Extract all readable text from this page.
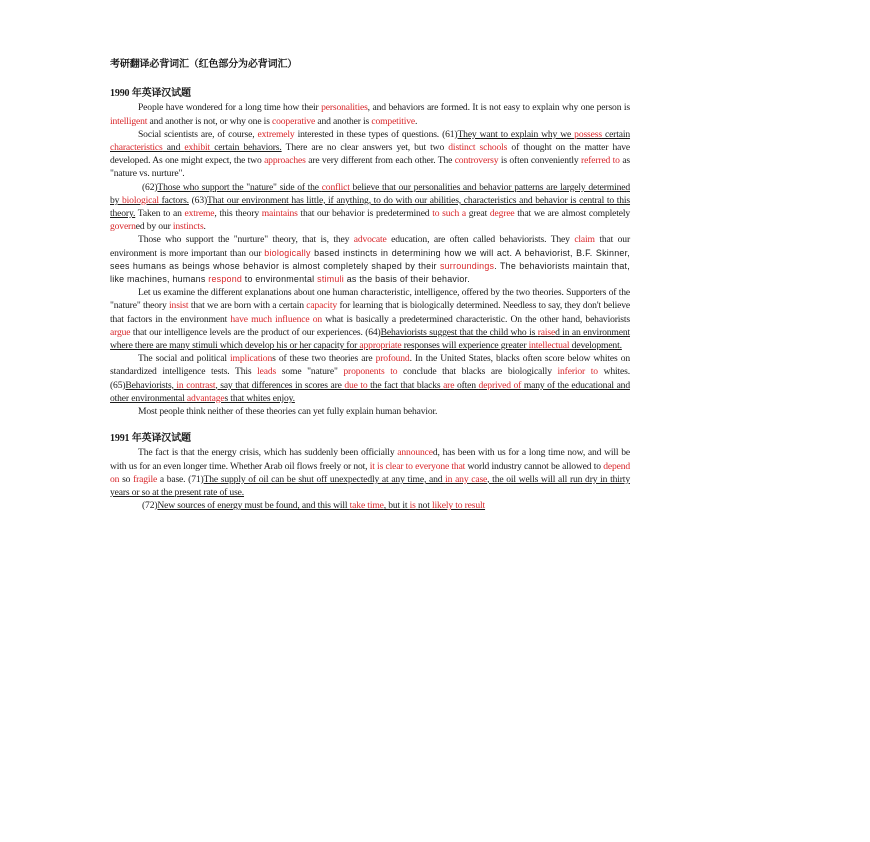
考研翻译必背词汇（红色部分为必背词汇）
1990 年英译汉试题

People have wondered for a long time how their personalities, and behaviors are formed. It is not easy to explain why one person is intelligent and another is not, or why one is cooperative and another is competitive.

Social scientists are, of course, extremely interested in these types of questions. (61)They want to explain why we possess certain characteristics and exhibit certain behaviors. There are no clear answers yet, but two distinct schools of thought on the matter have developed. As one might expect, the two approaches are very different from each other. The controversy is often conveniently referred to as "nature vs. nurture".

(62)Those who support the "nature" side of the conflict believe that our personalities and behavior patterns are largely determined by biological factors. (63)That our environment has little, if anything, to do with our abilities, characteristics and behavior is central to this theory. Taken to an extreme, this theory maintains that our behavior is predetermined to such a great degree that we are almost completely governed by our instincts.

Those who support the "nurture" theory, that is, they advocate education, are often called behaviorists. They claim that our environment is more important than our biologically based instincts in determining how we will act. A behaviorist, B.F. Skinner, sees humans as beings whose behavior is almost completely shaped by their surroundings. The behaviorists maintain that, like machines, humans respond to environmental stimuli as the basis of their behavior.

Let us examine the different explanations about one human characteristic, intelligence, offered by the two theories. Supporters of the "nature" theory insist that we are born with a certain capacity for learning that is biologically determined. Needless to say, they don't believe that factors in the environment have much influence on what is basically a predetermined characteristic. On the other hand, behaviorists argue that our intelligence levels are the product of our experiences. (64)Behaviorists suggest that the child who is raised in an environment where there are many stimuli which develop his or her capacity for appropriate responses will experience greater intellectual development.

The social and political implications of these two theories are profound. In the United States, blacks often score below whites on standardized intelligence tests. This leads some "nature" proponents to conclude that blacks are biologically inferior to whites. (65)Behaviorists, in contrast, say that differences in scores are due to the fact that blacks are often deprived of many of the educational and other environmental advantages that whites enjoy.

Most people think neither of these theories can yet fully explain human behavior.

1991 年英译汉试题

The fact is that the energy crisis, which has suddenly been officially announced, has been with us for a long time now, and will be with us for an even longer time. Whether Arab oil flows freely or not, it is clear to everyone that world industry cannot be allowed to depend on so fragile a base. (71)The supply of oil can be shut off unexpectedly at any time, and in any case, the oil wells will all run dry in thirty years or so at the present rate of use.

(72)New sources of energy must be found, and this will take time, but it is not likely to result
